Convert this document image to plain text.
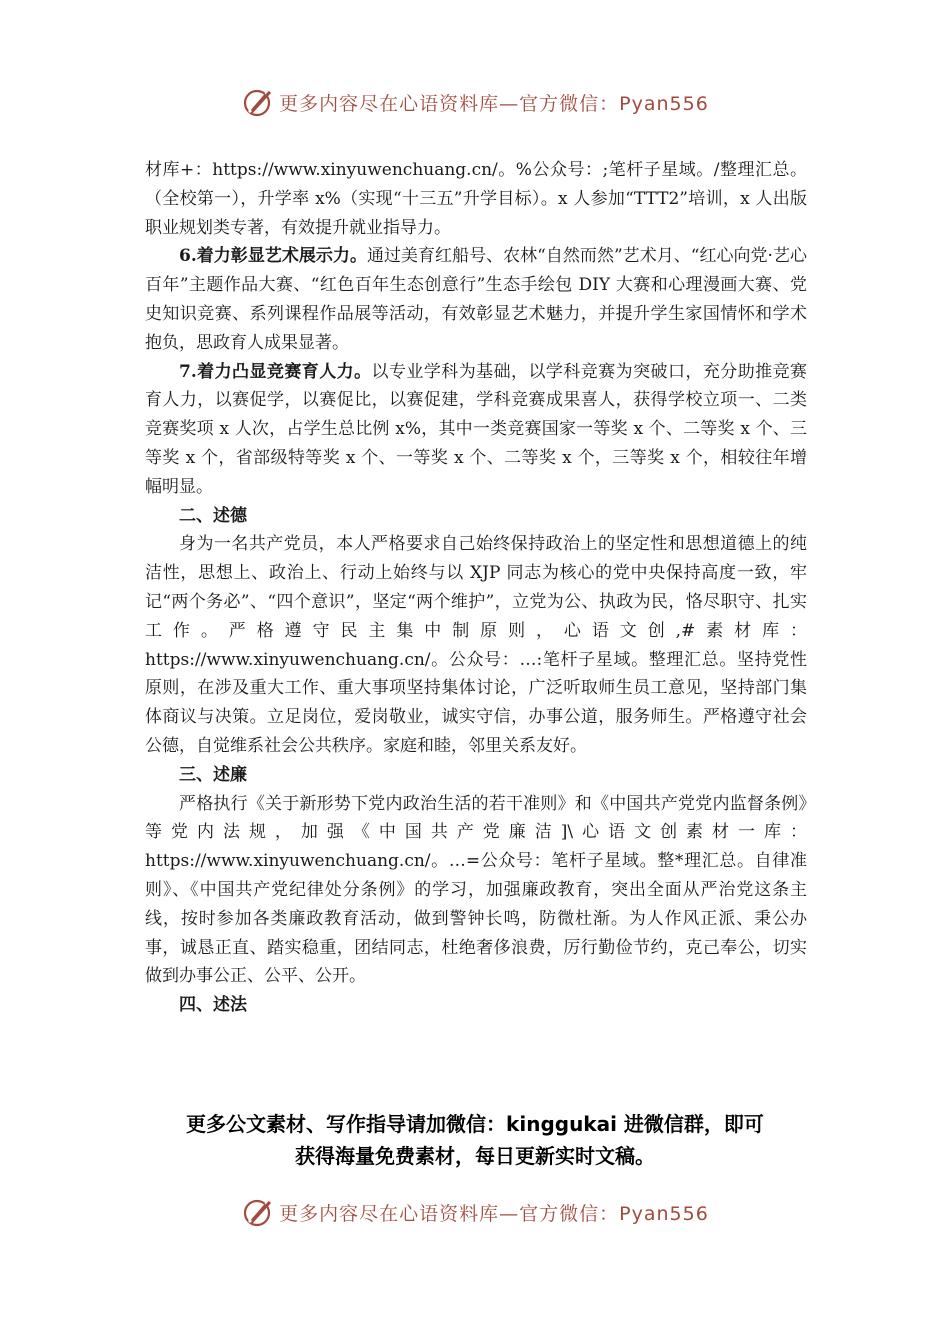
更多内容尽在心语资料库—官方微信：Pyan556

材库+：https://www.xinyuwenchuang.cn/。%公众号：;笔杆子星域。/整理汇总。（全校第一），升学率 x%（实现“十三五”升学目标）。x 人参加“TTT2”培训，x 人出版职业规划类专著，有效提升就业指导力。

6.着力彰显艺术展示力。通过美育红船号、农林“自然而然”艺术月、“红心向党·艺心百年”主题作品大赛、“红色百年生态创意行”生态手绘包 DIY 大赛和心理漫画大赛、党史知识竞赛、系列课程作品展等活动，有效彰显艺术魅力，并提升学生家国情怀和学术抱负，思政育人成果显著。

7.着力凸显竞赛育人力。以专业学科为基础，以学科竞赛为突破口，充分助推竞赛育人力，以赛促学，以赛促比，以赛促建，学科竞赛成果喜人，获得学校立项一、二类竞赛奖项 x 人次，占学生总比例 x%，其中一类竞赛国家一等奖 x 个、二等奖 x 个、三等奖 x 个，省部级特等奖 x 个、一等奖 x 个、二等奖 x 个，三等奖 x 个，相较往年增幅明显。

二、述德

身为一名共产党员，本人严格要求自己始终保持政治上的坚定性和思想道德上的纯洁性，思想上、政治上、行动上始终与以 XJP 同志为核心的党中央保持高度一致，牢记“两个务必”、“四个意识”，坚定“两个维护”，立党为公、执政为民，恪尽职守、扎实工作。严格遵守民主集中制原则，心语文创,#素材库：https://www.xinyuwenchuang.cn/。公众号：…:笔杆子星域。整理汇总。坚持党性原则，在涉及重大工作、重大事项坚持集体讨论，广泛听取师生员工意见，坚持部门集体商议与决策。立足岗位，爱岗敬业，诚实守信，办事公道，服务师生。严格遵守社会公德，自觉维系社会公共秩序。家庭和睦，邻里关系友好。

三、述廉

严格执行《关于新形势下党内政治生活的若干准则》和《中国共产党党内监督条例》等党内法规，加强《中国共产党廉洁]\心语文创素材一库：https://www.xinyuwenchuang.cn/。…=公众号：笔杆子星域。整*理汇总。自律准则》、《中国共产党纪律处分条例》的学习，加强廉政教育，突出全面从严治党这条主线，按时参加各类廉政教育活动，做到警钟长鸣，防微杜渐。为人作风正派、秉公办事，诚恳正直、踏实稳重，团结同志，杜绝奢侈浪费，厉行勤俭节约，克己奉公，切实做到办事公正、公平、公开。

四、述法
更多公文素材、写作指导请加微信：kinggukai 进微信群，即可
获得海量免费素材，每日更新实时文稿。
更多内容尽在心语资料库—官方微信：Pyan556
